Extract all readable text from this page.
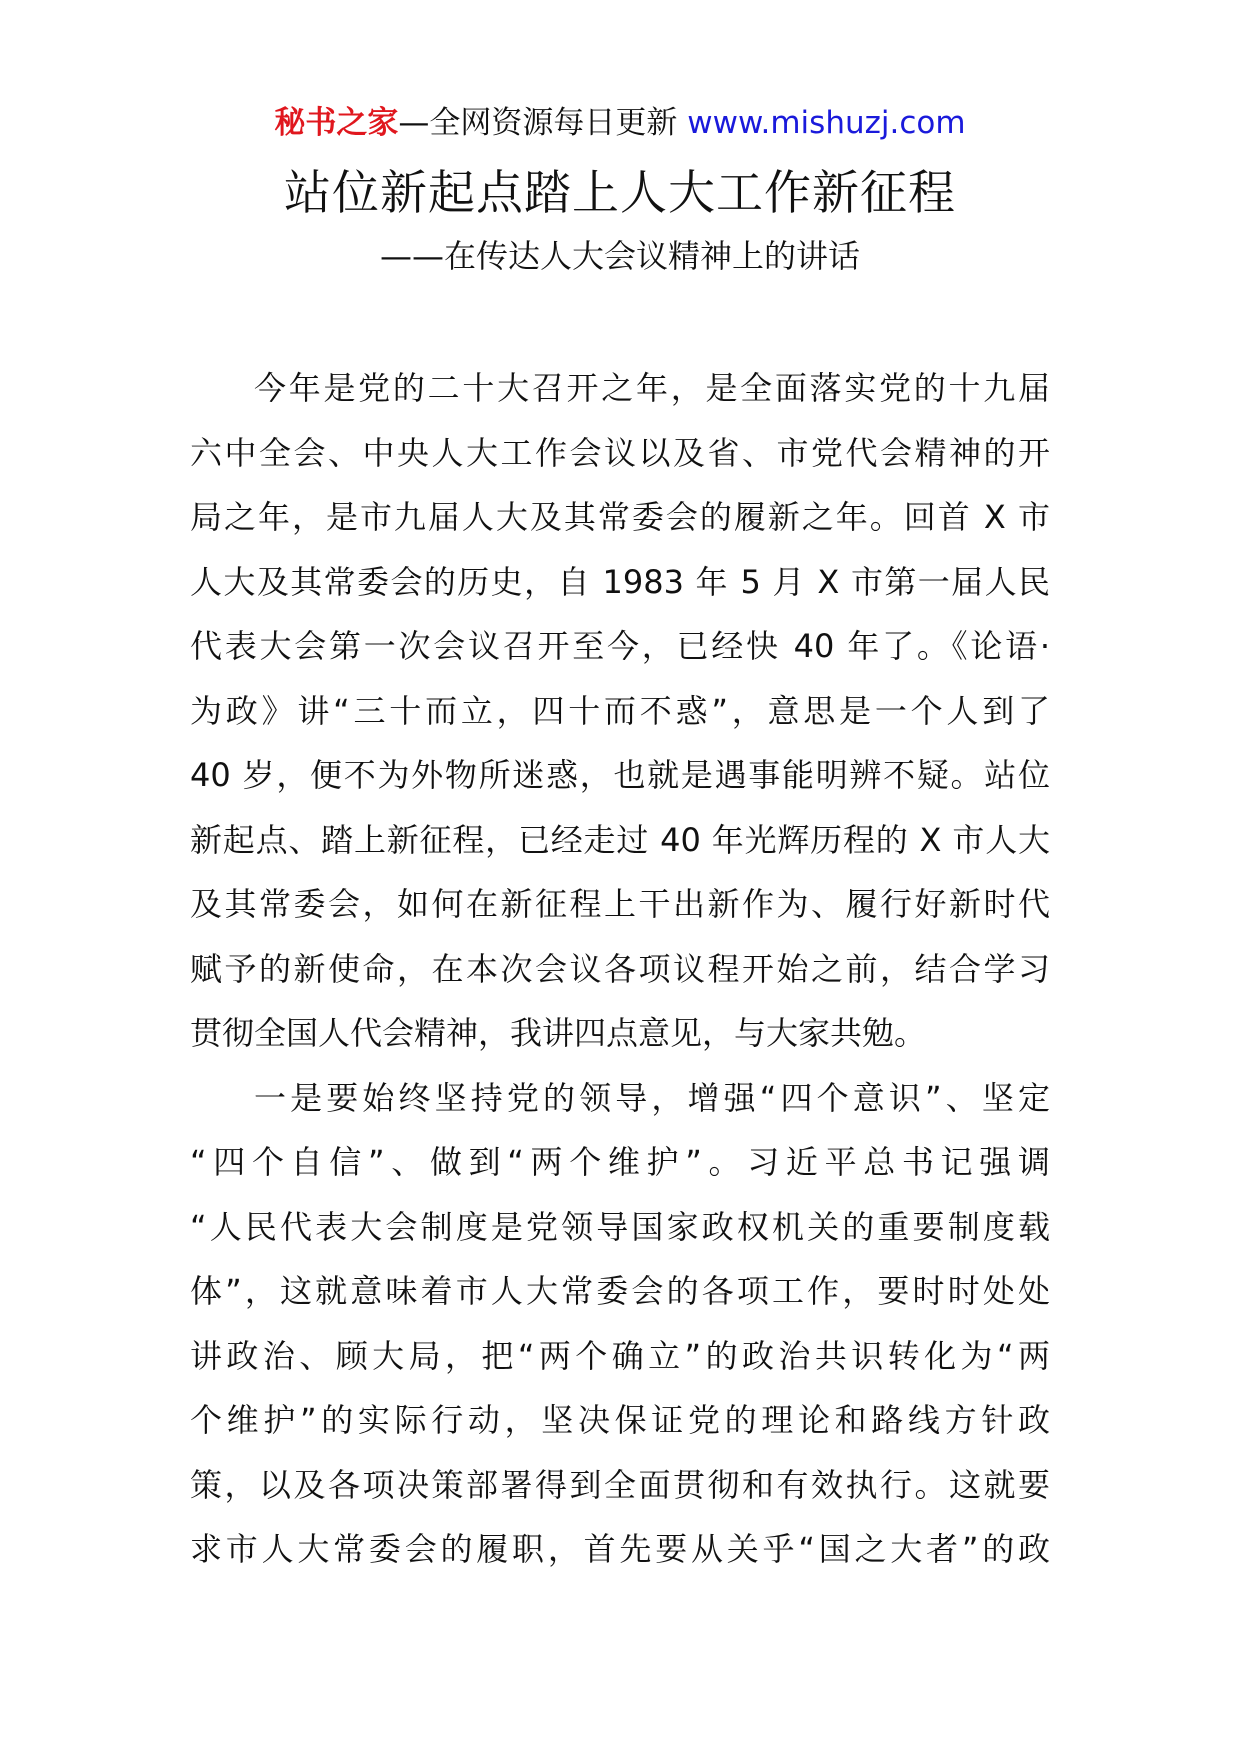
秘书之家—全网资源每日更新 www.mishuzj.com
站位新起点踏上人大工作新征程
——在传达人大会议精神上的讲话
今年是党的二十大召开之年，是全面落实党的十九届
六中全会、中央人大工作会议以及省、市党代会精神的开
局之年，是市九届人大及其常委会的履新之年。回首 X 市
人大及其常委会的历史，自 1983 年 5 月 X 市第一届人民
代表大会第一次会议召开至今，已经快 40 年了。《论语·
为政》讲“三十而立，四十而不惑”，意思是一个人到了
40 岁，便不为外物所迷惑，也就是遇事能明辨不疑。站位
新起点、踏上新征程，已经走过 40 年光辉历程的 X 市人大
及其常委会，如何在新征程上干出新作为、履行好新时代
赋予的新使命，在本次会议各项议程开始之前，结合学习
贯彻全国人代会精神，我讲四点意见，与大家共勉。
一是要始终坚持党的领导，增强“四个意识”、坚定
“四个自信”、做到“两个维护”。习近平总书记强调
“人民代表大会制度是党领导国家政权机关的重要制度载
体”，这就意味着市人大常委会的各项工作，要时时处处
讲政治、顾大局，把“两个确立”的政治共识转化为“两
个维护”的实际行动，坚决保证党的理论和路线方针政
策，以及各项决策部署得到全面贯彻和有效执行。这就要
求市人大常委会的履职，首先要从关乎“国之大者”的政
